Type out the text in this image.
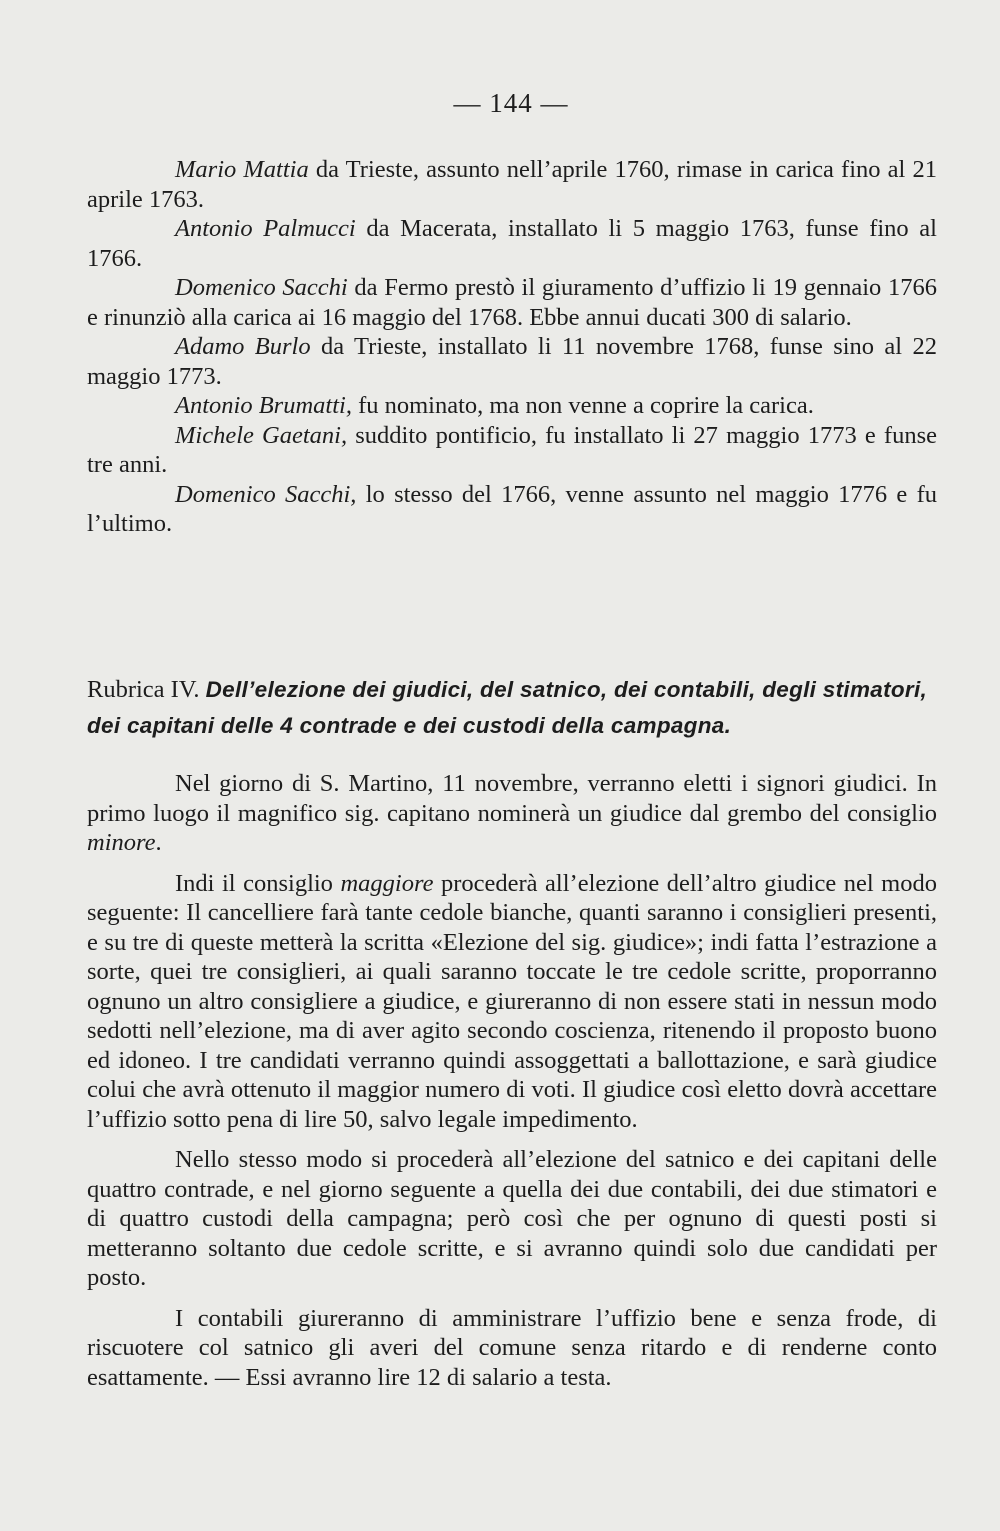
— 144 —

Mario Mattia da Trieste, assunto nell’aprile 1760, rimase in carica fino al 21 aprile 1763.

Antonio Palmucci da Macerata, installato li 5 maggio 1763, funse fino al 1766.

Domenico Sacchi da Fermo prestò il giuramento d’uffizio li 19 gennaio 1766 e rinunziò alla carica ai 16 maggio del 1768. Ebbe annui ducati 300 di salario.

Adamo Burlo da Trieste, installato li 11 novembre 1768, funse sino al 22 maggio 1773.

Antonio Brumatti, fu nominato, ma non venne a coprire la carica.

Michele Gaetani, suddito pontificio, fu installato li 27 maggio 1773 e funse tre anni.

Domenico Sacchi, lo stesso del 1766, venne assunto nel maggio 1776 e fu l’ultimo.

Rubrica IV. Dell’elezione dei giudici, del satnico, dei contabili, degli stimatori, dei capitani delle 4 contrade e dei custodi della campagna.

Nel giorno di S. Martino, 11 novembre, verranno eletti i signori giudici. In primo luogo il magnifico sig. capitano nominerà un giudice dal grembo del consiglio minore.

Indi il consiglio maggiore procederà all’elezione dell’altro giudice nel modo seguente: Il cancelliere farà tante cedole bianche, quanti saranno i consiglieri presenti, e su tre di queste metterà la scritta «Elezione del sig. giudice»; indi fatta l’estrazione a sorte, quei tre consiglieri, ai quali saranno toccate le tre cedole scritte, proporranno ognuno un altro consigliere a giudice, e giureranno di non essere stati in nessun modo sedotti nell’elezione, ma di aver agito secondo coscienza, ritenendo il proposto buono ed idoneo. I tre candidati verranno quindi assoggettati a ballottazione, e sarà giudice colui che avrà ottenuto il maggior numero di voti. Il giudice così eletto dovrà accettare l’uffizio sotto pena di lire 50, salvo legale impedimento.

Nello stesso modo si procederà all’elezione del satnico e dei capitani delle quattro contrade, e nel giorno seguente a quella dei due contabili, dei due stimatori e di quattro custodi della campagna; però così che per ognuno di questi posti si metteranno soltanto due cedole scritte, e si avranno quindi solo due candidati per posto.

I contabili giureranno di amministrare l’uffizio bene e senza frode, di riscuotere col satnico gli averi del comune senza ritardo e di renderne conto esattamente. — Essi avranno lire 12 di salario a testa.
